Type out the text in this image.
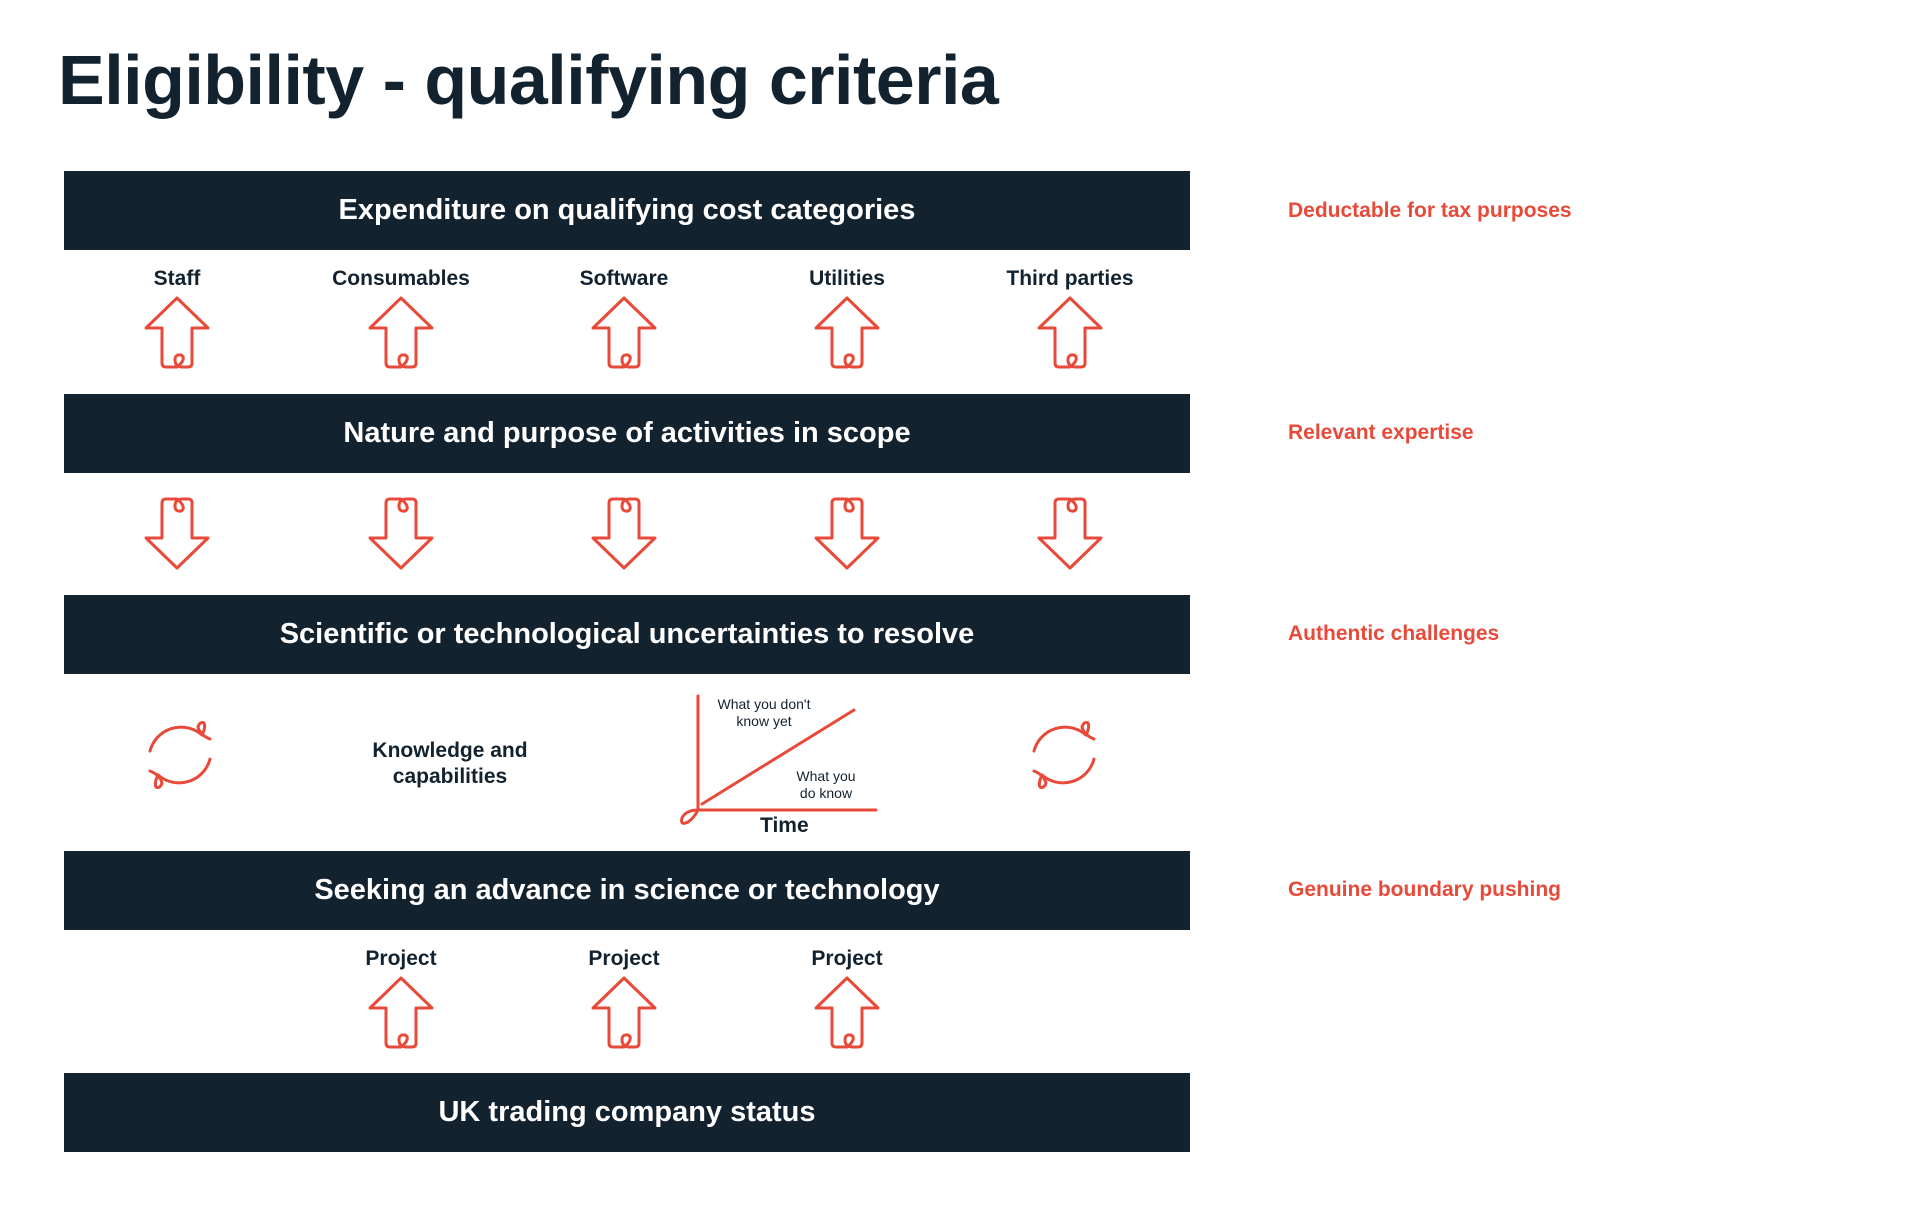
Eligibility - qualifying criteria
Expenditure on qualifying cost categories
Nature and purpose of activities in scope
Scientific or technological uncertainties to resolve
Seeking an advance in science or technology
UK trading company status
Deductable for tax purposes
Relevant expertise
Authentic challenges
Genuine boundary pushing
Staff	Consumables	Software	Utilities	Third parties
Knowledge and
capabilities
What you don't
know yet
What you
do know
Time
Project	Project	Project
